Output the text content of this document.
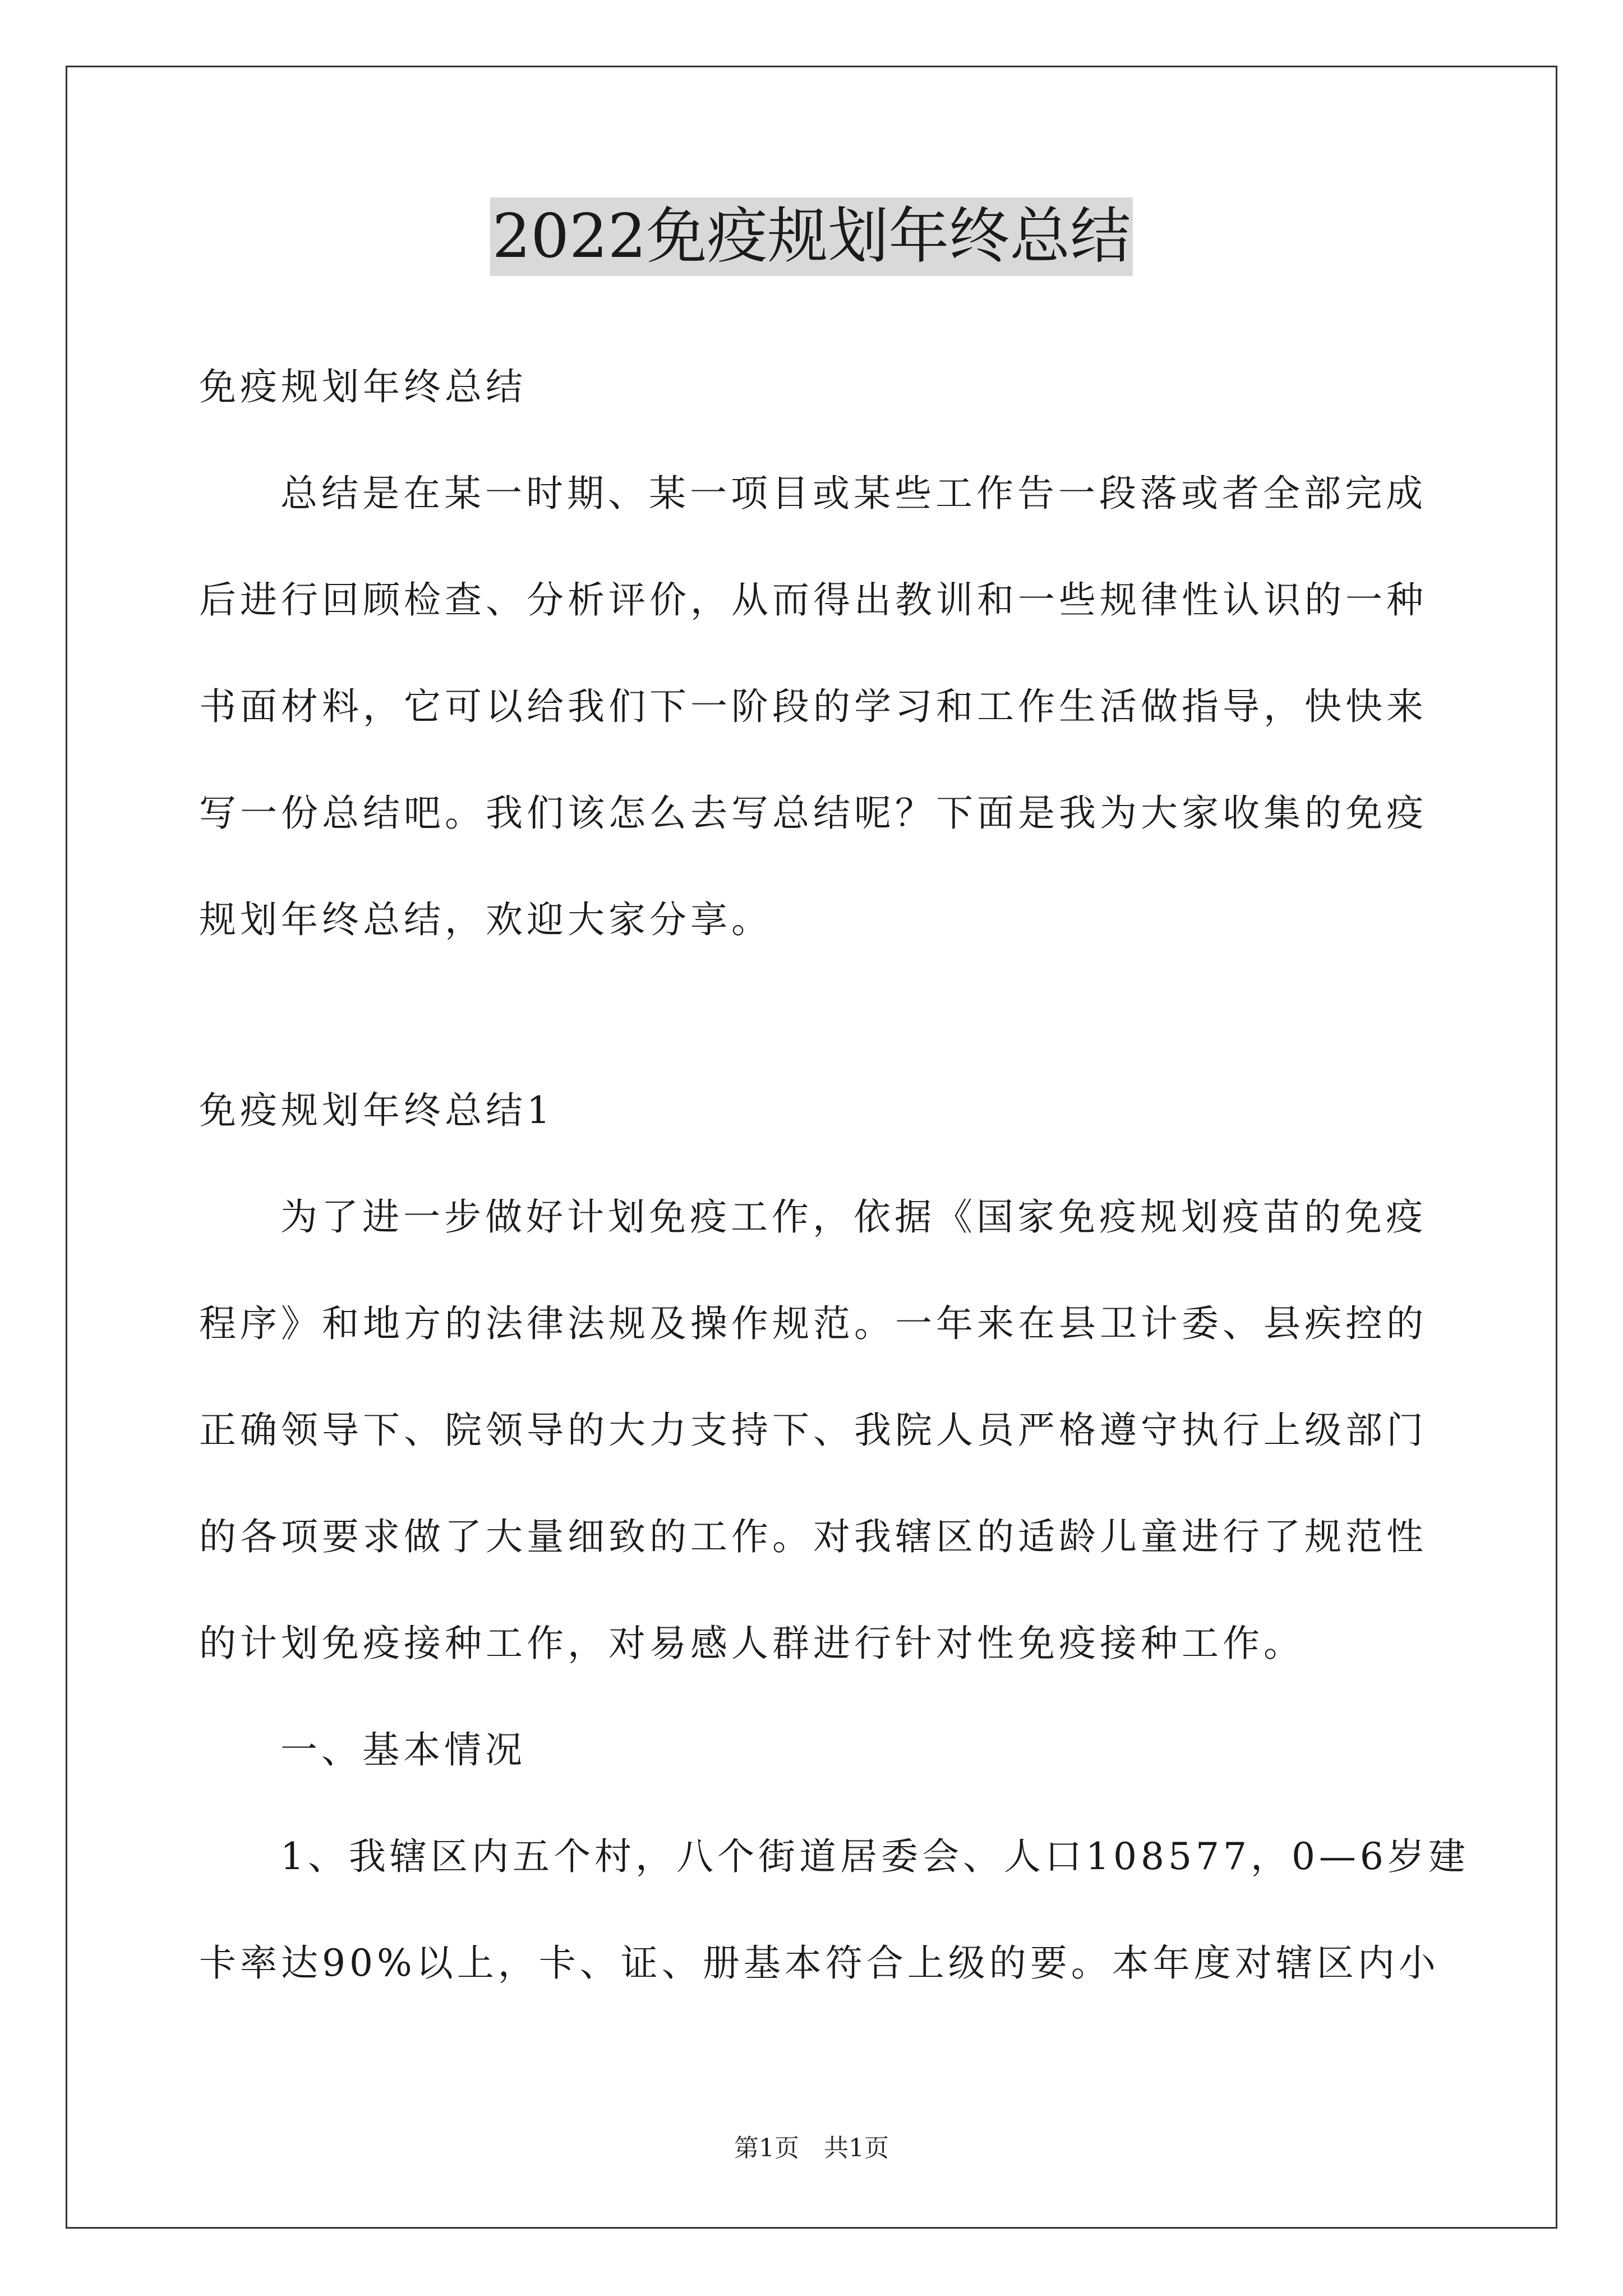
2022免疫规划年终总结
免疫规划年终总结
总结是在某一时期、某一项目或某些工作告一段落或者全部完成
后进行回顾检查、分析评价，从而得出教训和一些规律性认识的一种
书面材料，它可以给我们下一阶段的学习和工作生活做指导，快快来
写一份总结吧。我们该怎么去写总结呢？下面是我为大家收集的免疫
规划年终总结，欢迎大家分享。
免疫规划年终总结1
为了进一步做好计划免疫工作，依据《国家免疫规划疫苗的免疫
程序》和地方的法律法规及操作规范。一年来在县卫计委、县疾控的
正确领导下、院领导的大力支持下、我院人员严格遵守执行上级部门
的各项要求做了大量细致的工作。对我辖区的适龄儿童进行了规范性
的计划免疫接种工作，对易感人群进行针对性免疫接种工作。
一、基本情况
1、我辖区内五个村，八个街道居委会、人口108577，0—6岁建
卡率达90%以上，卡、证、册基本符合上级的要。本年度对辖区内小
第1页　共1页
